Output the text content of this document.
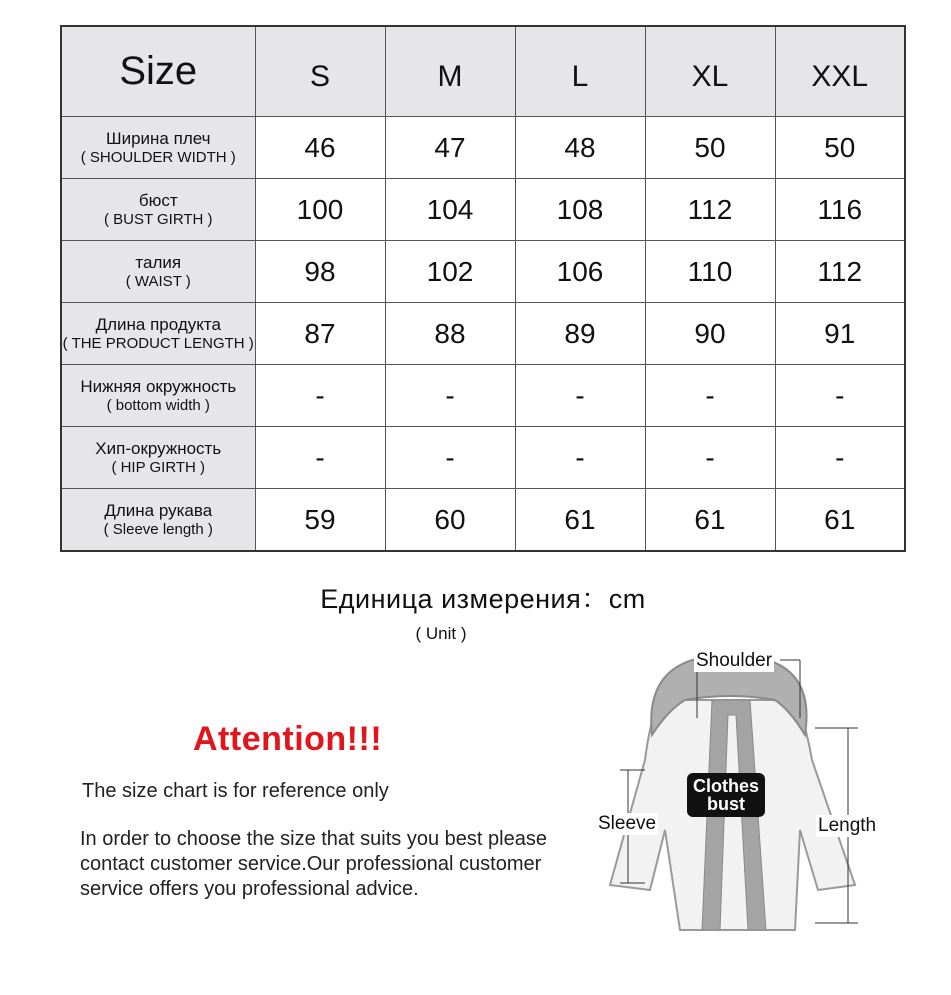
Size	S	M	L	XL	XXL

Ширина плеч
( SHOULDER WIDTH )	46	47	48	50	50

бюст
( BUST GIRTH )	100	104	108	112	116

талия
( WAIST )	98	102	106	110	112

Длина продукта
( THE PRODUCT LENGTH )	87	88	89	90	91

Нижняя окружность
( bottom width )	-	-	-	-	-

Хип-окружность
( HIP GIRTH )	-	-	-	-	-

Длина рукава
( Sleeve length )	59	60	61	61	61
Единица измерения：cm
( Unit )
Attention!!!
The size chart is for reference only
In order to choose the size that suits you best please contact customer service.Our professional customer service offers you professional advice.
Shoulder
Sleeve	Length
Clothes
bust
